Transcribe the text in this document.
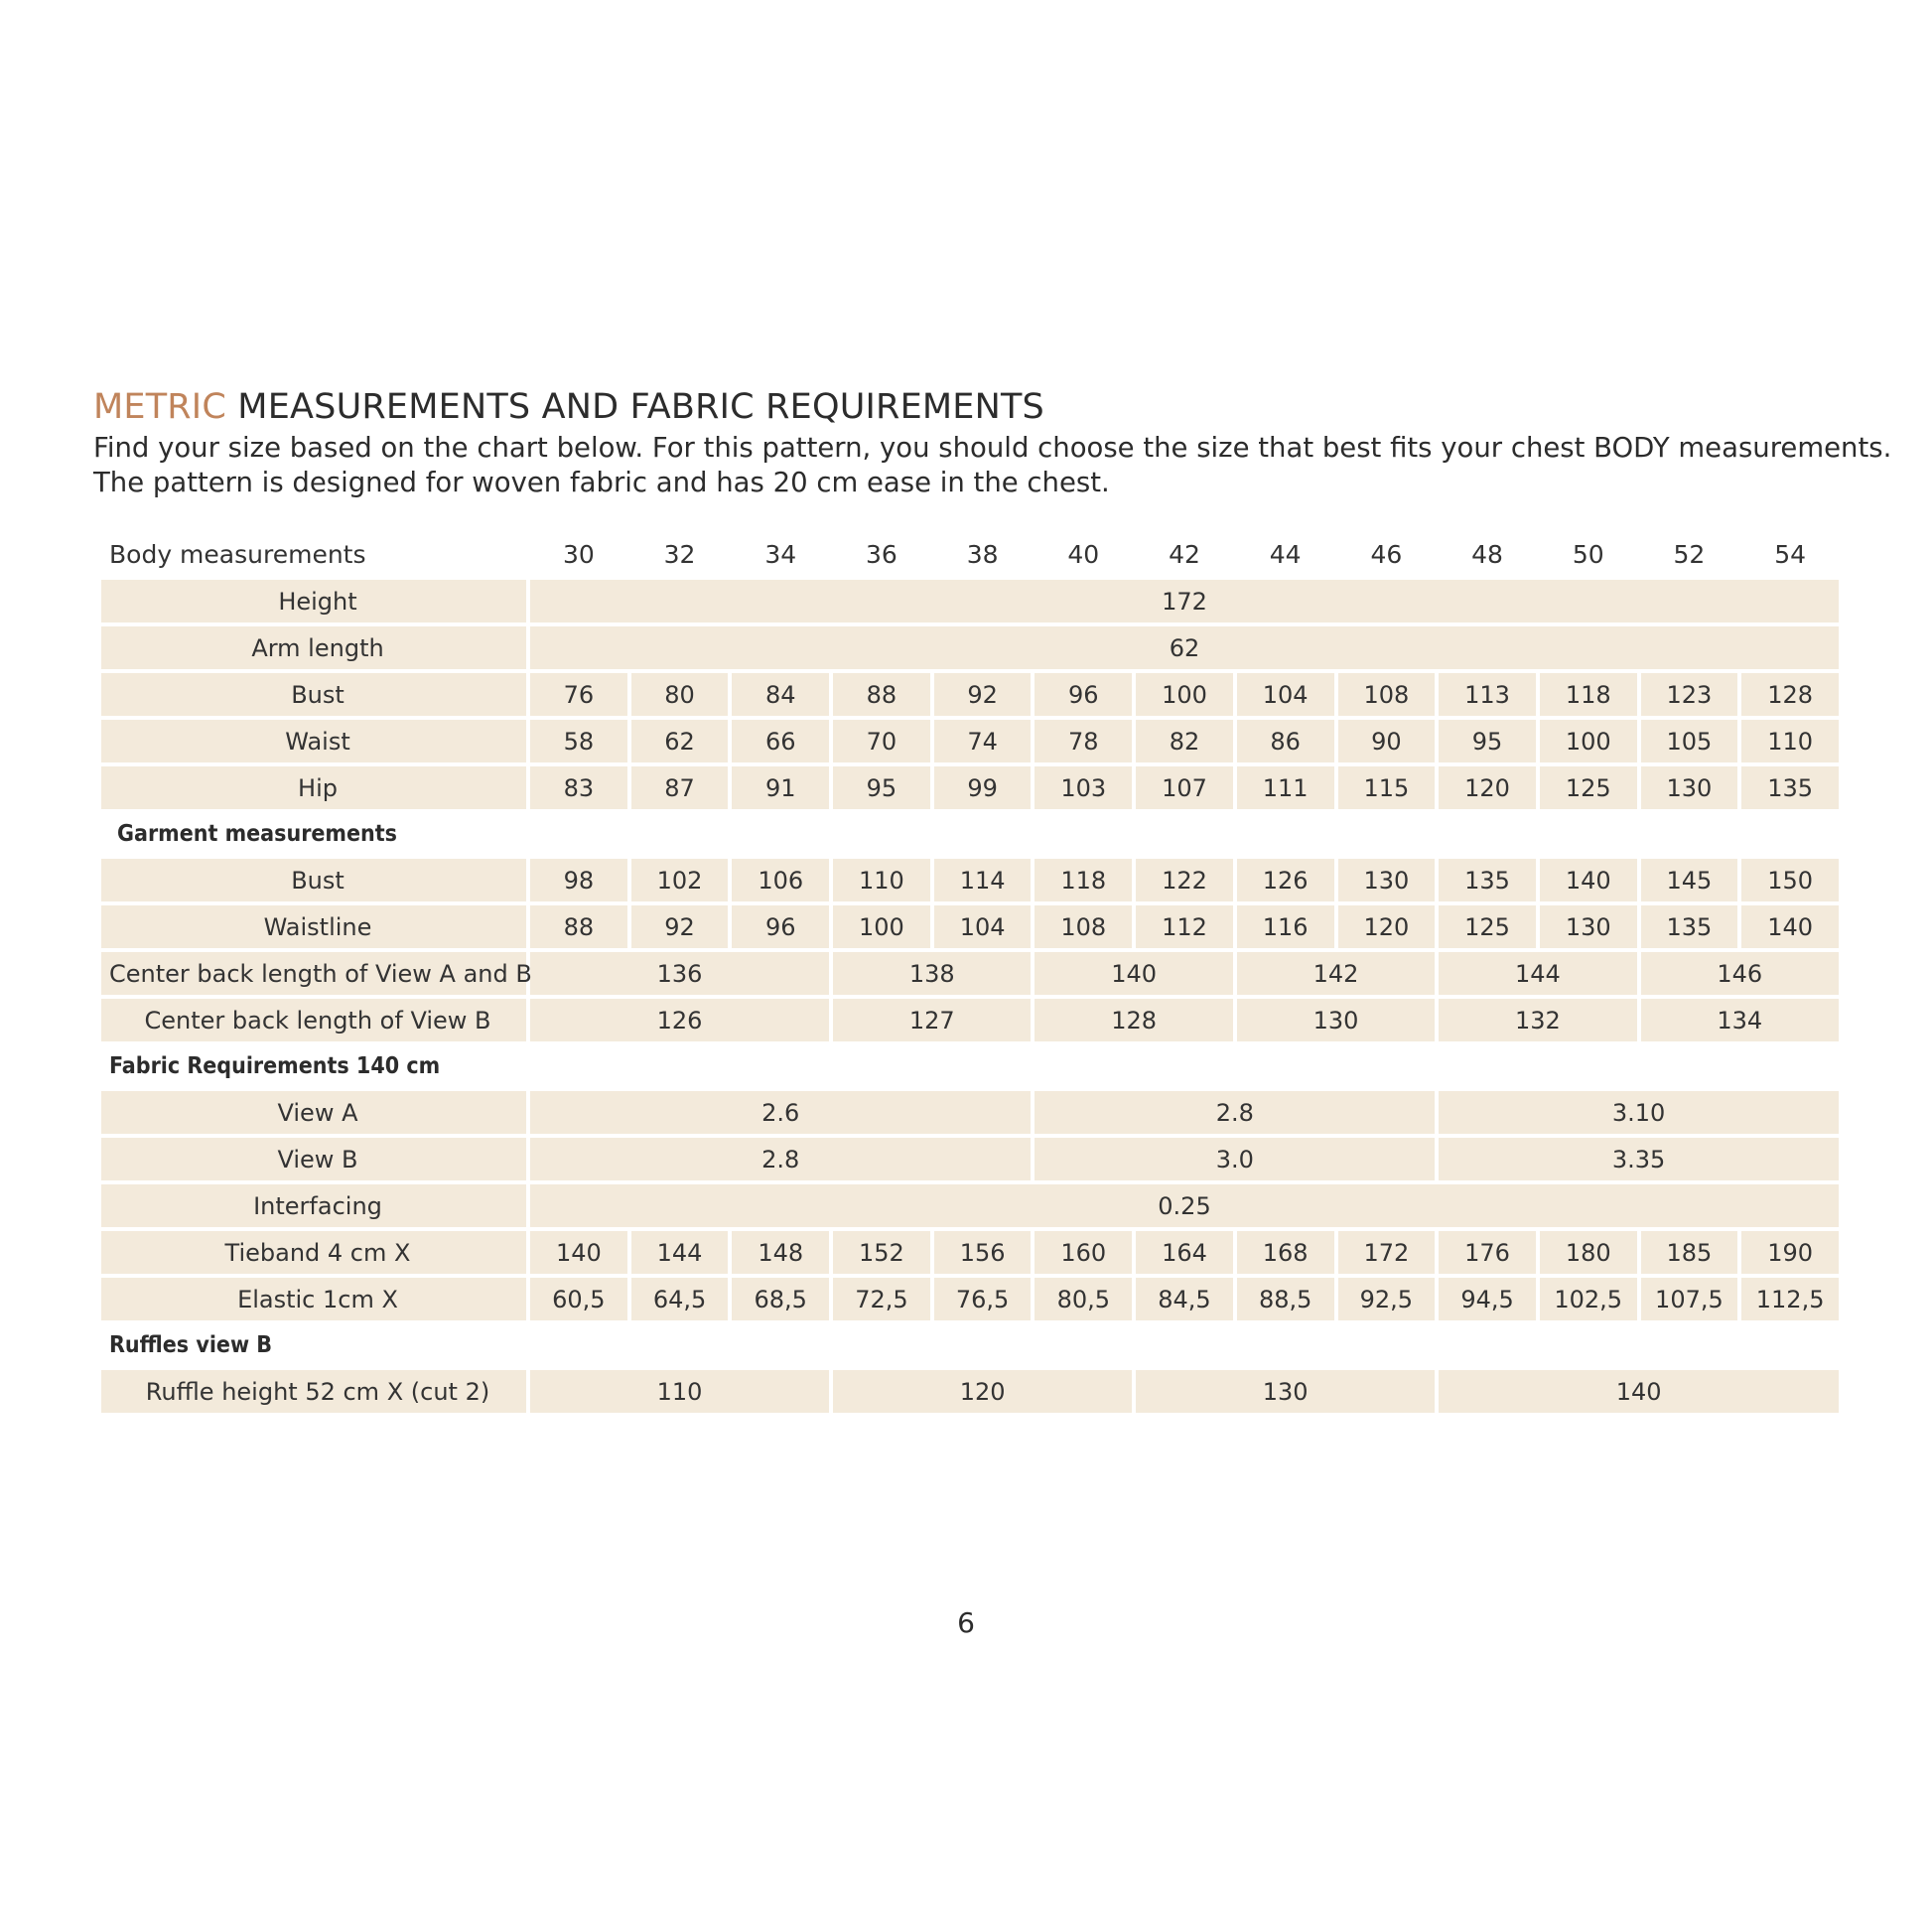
METRIC MEASUREMENTS AND FABRIC REQUIREMENTS

Find your size based on the chart below. For this pattern, you should choose the size that best fits your chest BODY measurements.
The pattern is designed for woven fabric and has 20 cm ease in the chest.

Body measurements	30	32	34	36	38	40	42	44	46	48	50	52	54
Height	172												
Arm length	62												
Bust	76	80	84	88	92	96	100	104	108	113	118	123	128
Waist	58	62	66	70	74	78	82	86	90	95	100	105	110
Hip	83	87	91	95	99	103	107	111	115	120	125	130	135
Garment measurements													
Bust	98	102	106	110	114	118	122	126	130	135	140	145	150
Waistline	88	92	96	100	104	108	112	116	120	125	130	135	140
Center back length of View A and B	136			138		140		142		144		146	
Center back length of View B	126			127		128		130		132		134	
Fabric Requirements 140 cm													
View A	2.6					2.8				3.10			
View B	2.8					3.0				3.35			
Interfacing	0.25												
Tieband 4 cm X	140	144	148	152	156	160	164	168	172	176	180	185	190
Elastic 1cm X	60,5	64,5	68,5	72,5	76,5	80,5	84,5	88,5	92,5	94,5	102,5	107,5	112,5
Ruffles view B													
Ruffle height 52 cm X (cut 2)	110			120			130			140			
6
